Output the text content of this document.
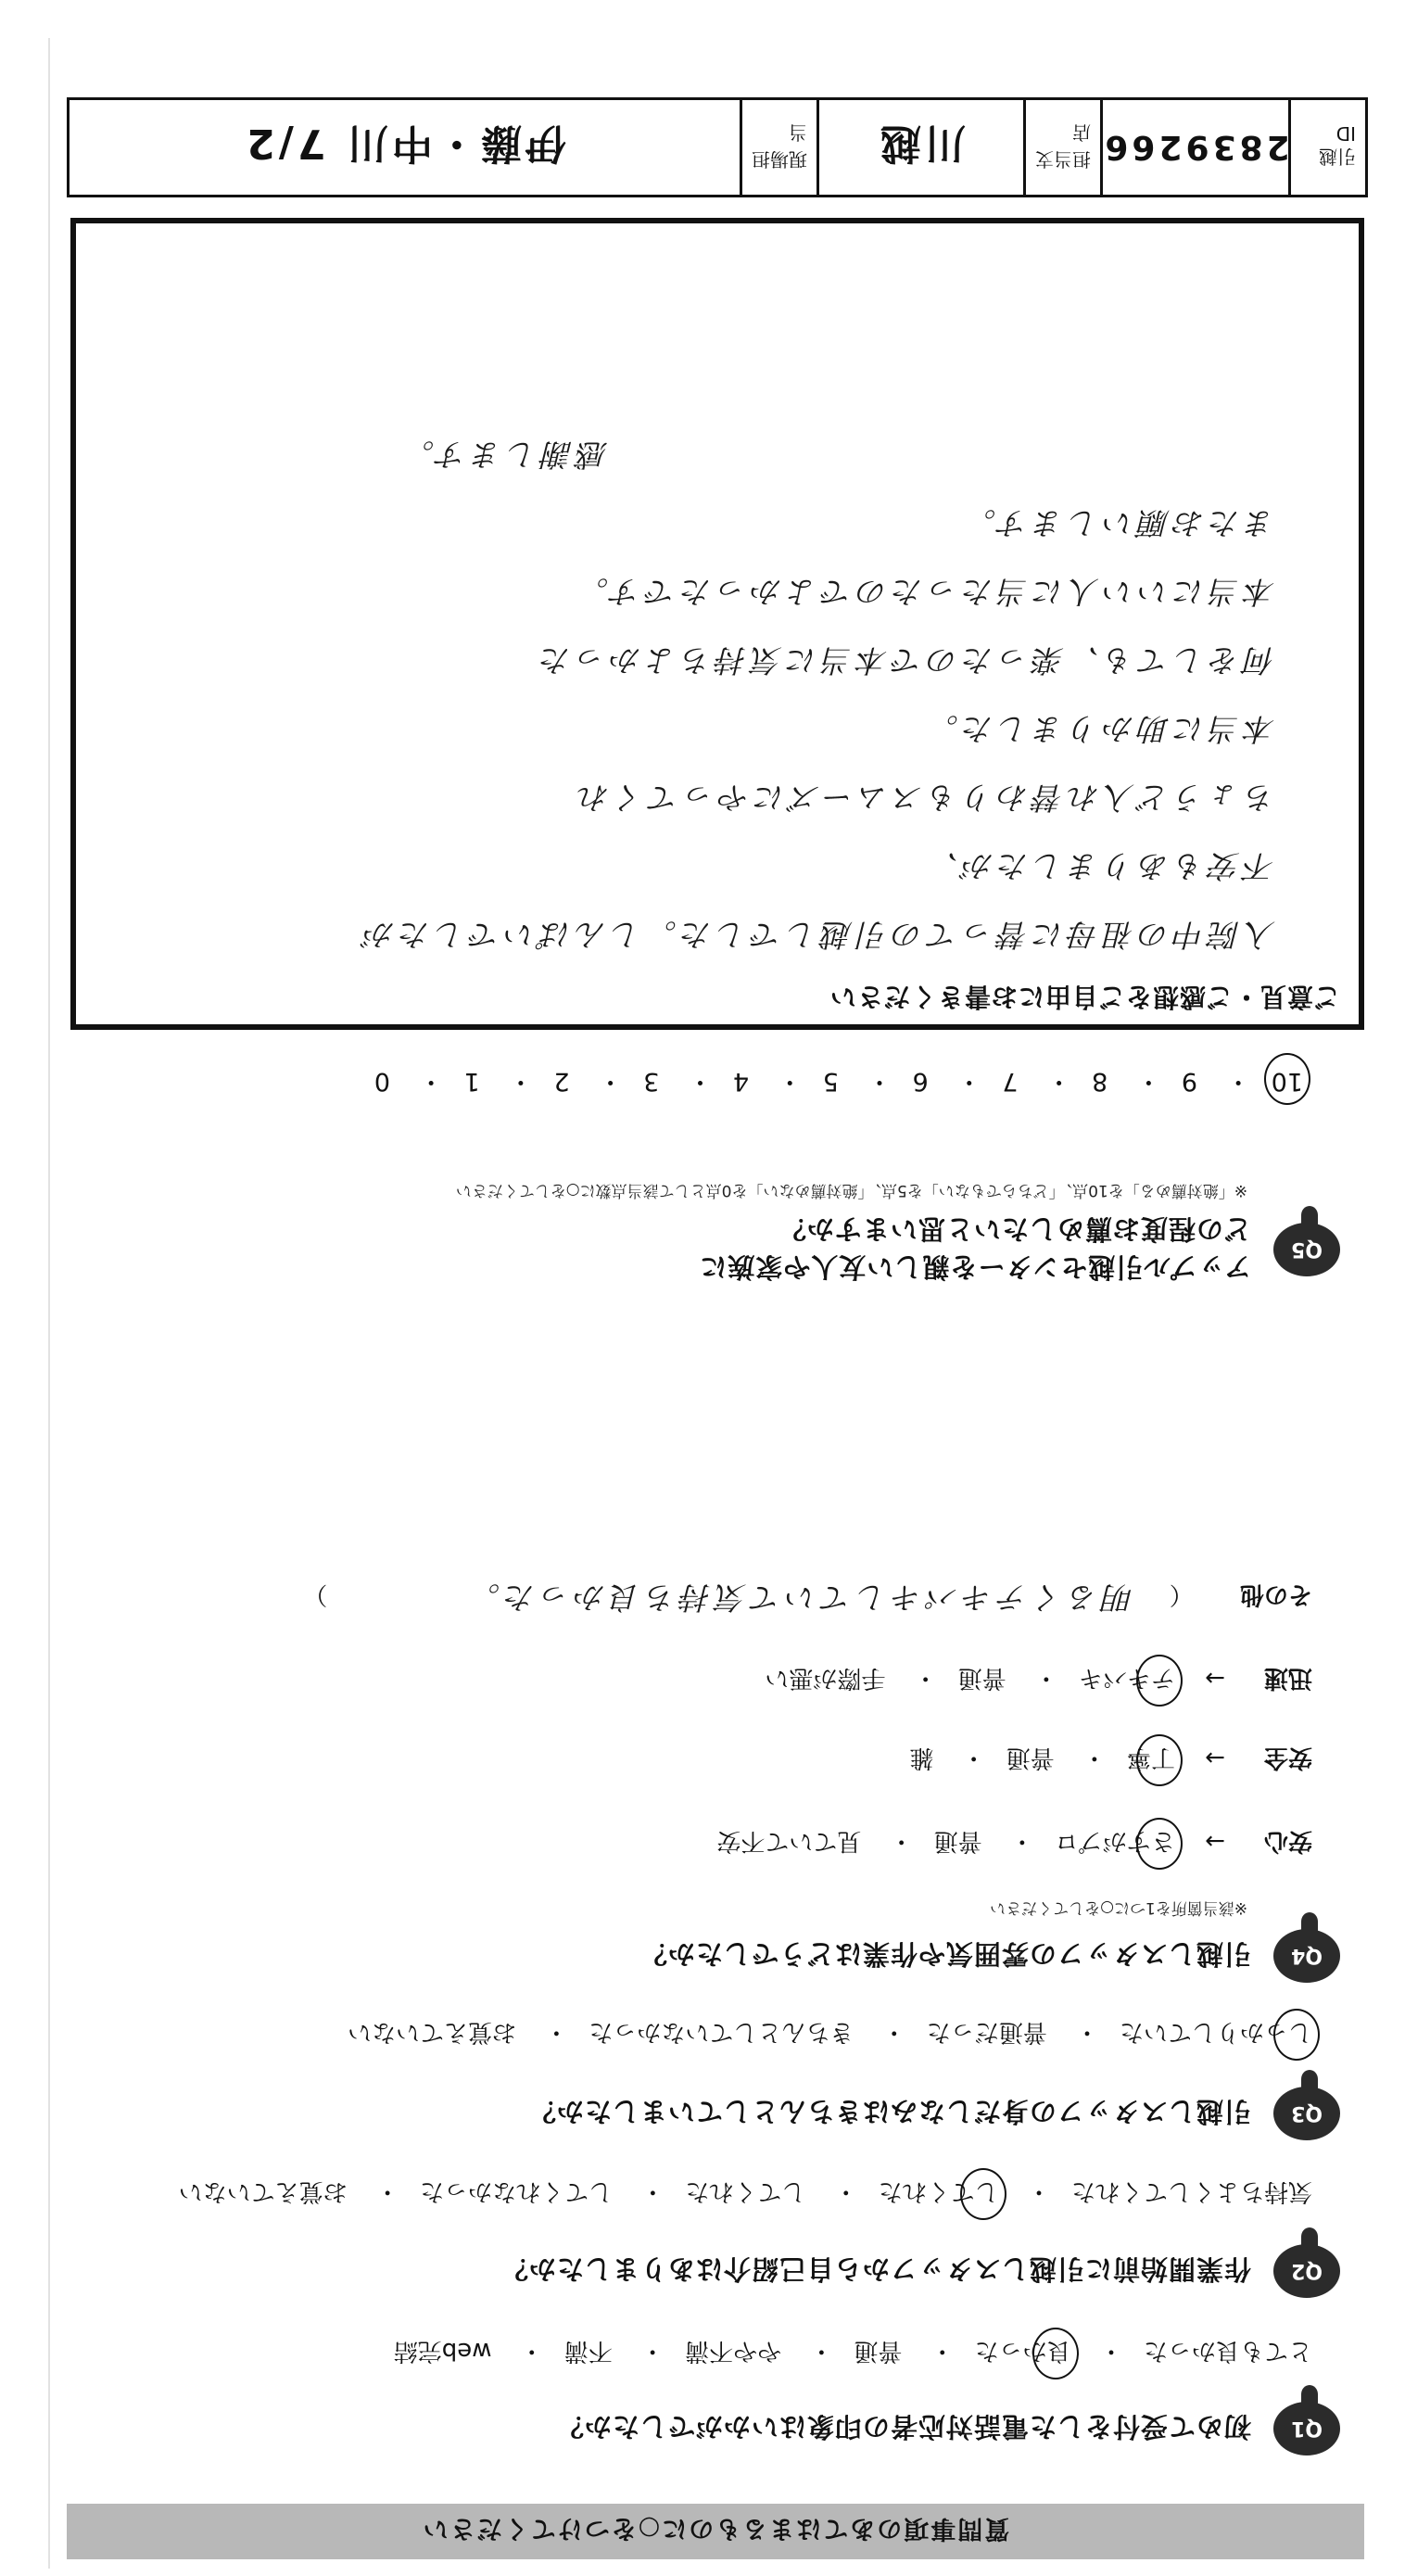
質問事項のあてはまるものに○をつけてください
Q1
初めて受付をした電話対応者の印象はいかがでしたか？
とても良かった・ 良かった・ 普通・ やや不満・ 不満・ web完結
Q2
作業開始前に引越しスタッフから自己紹介はありましたか？
気持ちよくしてくれた・ してくれた・ してくれた・ してくれなかった・ お覚えていない
Q3
引越しスタッフの身だしなみはきちんとしていましたか？
しっかりしていた・ 普通だった・ きちんとしていなかった・ お覚えていない
Q4
引越しスタッフの雰囲気や作業はどうでしたか？
※該当箇所を1つに○をしてください
安心→ さすがプロ・ 普通・ 見ていて不安
安全→ 丁寧・ 普通・ 雑
迅速→ テキパキ・ 普通・ 手際が悪い
その他 （ 明るくテキパキしていて気持ち良かった。 ）
Q5
アップル引越センターを親しい友人や家族に
どの程度お薦めしたいと思いますか？
※「絶対薦める」を10点、「どちらでもない」を5点、「絶対薦めない」を0点として該当点数に○をしてください
10・ 9・ 8・ 7・ 6・ 5・ 4・ 3・ 2・ 1・ 0
ご意見・ご感想をご自由にお書きください
入院中の祖母に替っての引越しでした。しんぱいでしたが
不安もありましたが、
ちょうど入れ替わりもスムーズにやってくれ
本当に助かりました。
何をしても、楽ったので本当に気持ちよかった
本当にいい人に当たったのでよかったです。
またお願いします。
感謝します。
引越ID
2839266
担当支店
川越
現場担当
伊藤・中川 7/2
